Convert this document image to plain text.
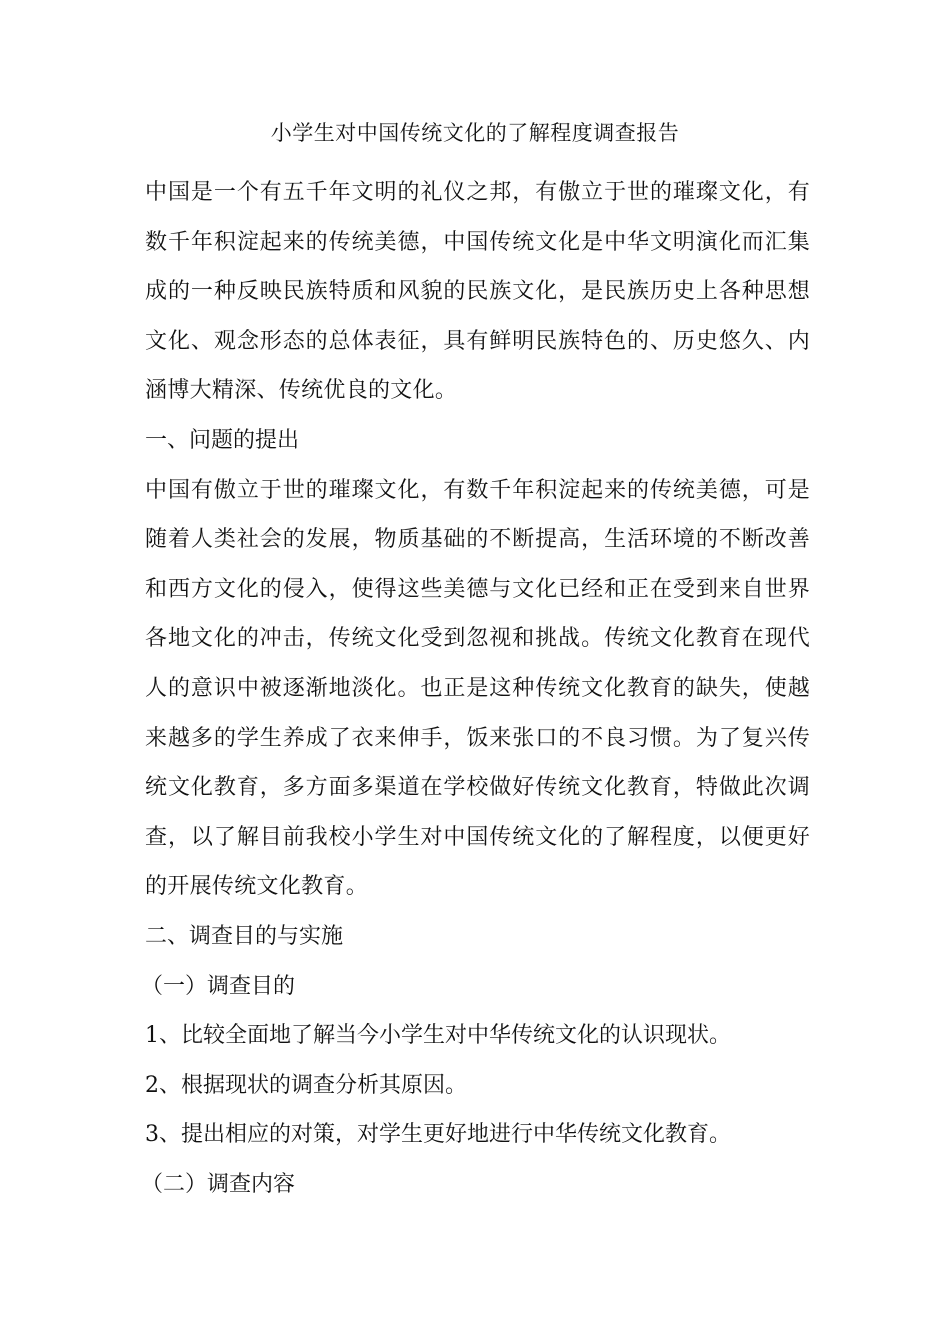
小学生对中国传统文化的了解程度调查报告

中国是一个有五千年文明的礼仪之邦，有傲立于世的璀璨文化，有数千年积淀起来的传统美德，中国传统文化是中华文明演化而汇集成的一种反映民族特质和风貌的民族文化，是民族历史上各种思想文化、观念形态的总体表征，具有鲜明民族特色的、历史悠久、内涵博大精深、传统优良的文化。

一、问题的提出

中国有傲立于世的璀璨文化，有数千年积淀起来的传统美德，可是随着人类社会的发展，物质基础的不断提高，生活环境的不断改善和西方文化的侵入，使得这些美德与文化已经和正在受到来自世界各地文化的冲击，传统文化受到忽视和挑战。传统文化教育在现代人的意识中被逐渐地淡化。也正是这种传统文化教育的缺失，使越来越多的学生养成了衣来伸手，饭来张口的不良习惯。为了复兴传统文化教育，多方面多渠道在学校做好传统文化教育，特做此次调查，以了解目前我校小学生对中国传统文化的了解程度，以便更好的开展传统文化教育。

二、调查目的与实施

（一）调查目的

1、比较全面地了解当今小学生对中华传统文化的认识现状。

2、根据现状的调查分析其原因。

3、提出相应的对策，对学生更好地进行中华传统文化教育。

（二）调查内容
